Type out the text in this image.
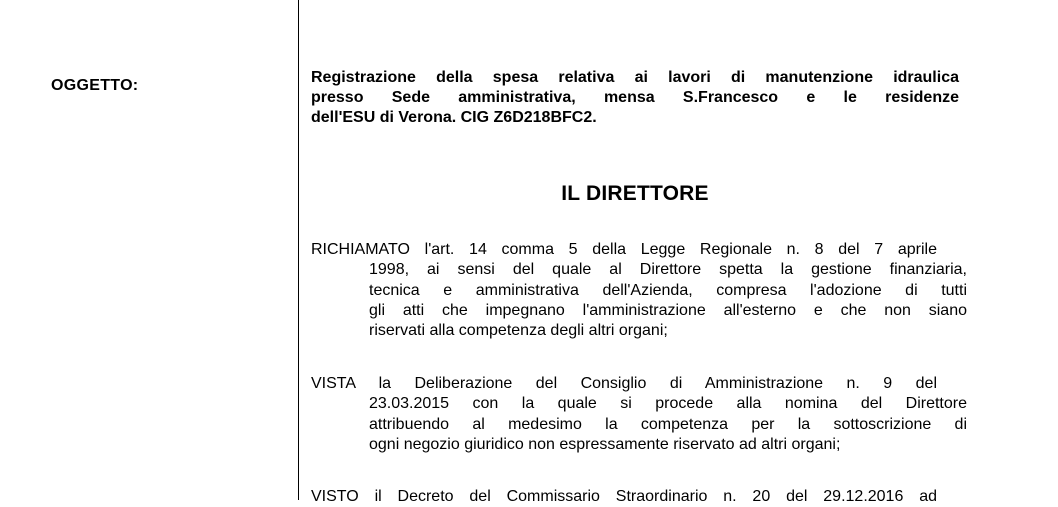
OGGETTO:	Registrazione della spesa relativa ai lavori di manutenzione idraulica
presso Sede amministrativa, mensa S.Francesco e le residenze
dell'ESU di Verona. CIG Z6D218BFC2.
IL DIRETTORE
RICHIAMATO l'art. 14 comma 5 della Legge Regionale n. 8 del 7 aprile
1998, ai sensi del quale al Direttore spetta la gestione finanziaria,
tecnica e amministrativa dell'Azienda, compresa l'adozione di tutti
gli atti che impegnano l'amministrazione all'esterno e che non siano
riservati alla competenza degli altri organi;
VISTA la Deliberazione del Consiglio di Amministrazione n. 9 del
23.03.2015 con la quale si procede alla nomina del Direttore
attribuendo al medesimo la competenza per la sottoscrizione di
ogni negozio giuridico non espressamente riservato ad altri organi;
VISTO il Decreto del Commissario Straordinario n. 20 del 29.12.2016 ad
